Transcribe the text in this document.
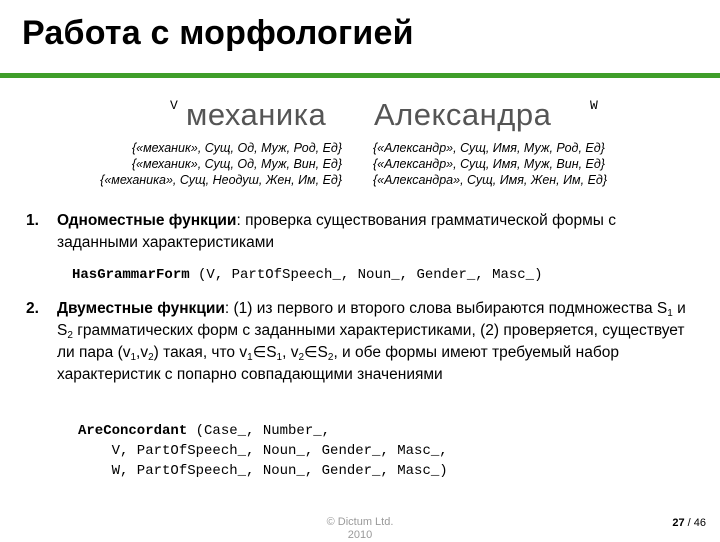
Работа с морфологией
V механика Александра	W
{«механик», Сущ, Од, Муж, Род, Ед}
{«механик», Сущ, Од, Муж, Вин, Ед}
{«механика», Сущ, Неодуш, Жен, Им, Ед}
{«Александр», Сущ, Имя, Муж, Род, Ед}
{«Александр», Сущ, Имя, Муж, Вин, Ед}
{«Александра», Сущ, Имя, Жен, Им, Ед}
1. Одноместные функции: проверка существования грамматической формы с заданными характеристиками
HasGrammarForm (V, PartOfSpeech_, Noun_, Gender_, Masc_)
2. Двуместные функции: (1) из первого и второго слова выбираются подмножества $S_1$ и $S_2$ грамматических форм с заданными характеристиками, (2) проверяется, существует ли пара $(v_1,v_2)$ такая, что $v_1\in S_1$, $v_2\in S_2$, и обе формы имеют требуемый набор характеристик с попарно совпадающими значениями
AreConcordant (Case_, Number_,
V, PartOfSpeech_, Noun_, Gender_, Masc_,
W, PartOfSpeech_, Noun_, Gender_, Masc_)
© Dictum Ltd.
2010
27 / 46
